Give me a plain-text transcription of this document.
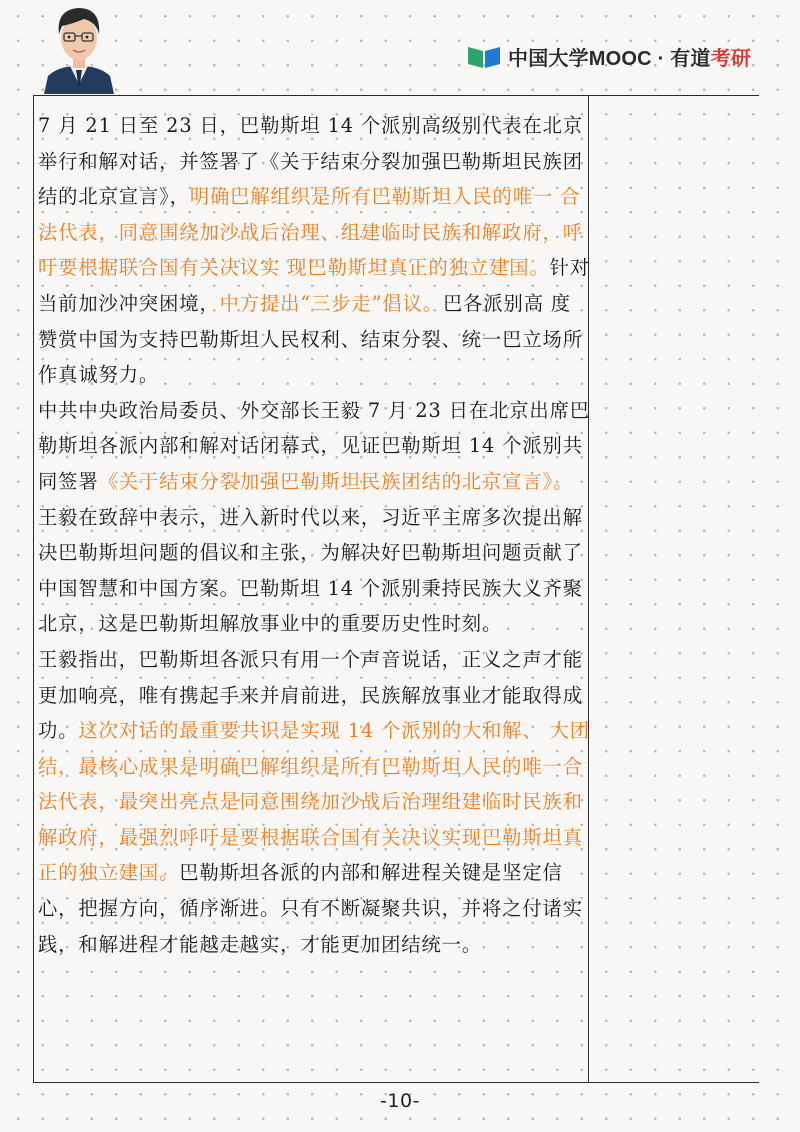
中国大学MOOC · 有道考研

7 月 21 日至 23 日，巴勒斯坦 14 个派别高级别代表在北京举行和解对话，并签署了《关于结束分裂加强巴勒斯坦民族团结的北京宣言》，明确巴解组织是所有巴勒斯坦人民的唯一 合法代表，同意围绕加沙战后治理、组建临时民族和解政府，呼吁要根据联合国有关决议实 现巴勒斯坦真正的独立建国。针对当前加沙冲突困境，中方提出“三步走”倡议。巴各派别高 度赞赏中国为支持巴勒斯坦人民权利、结束分裂、统一巴立场所作真诚努力。

中共中央政治局委员、外交部长王毅 7 月 23 日在北京出席巴勒斯坦各派内部和解对话闭幕式，见证巴勒斯坦 14 个派别共同签署《关于结束分裂加强巴勒斯坦民族团结的北京宣言》。

王毅在致辞中表示，进入新时代以来，习近平主席多次提出解决巴勒斯坦问题的倡议和主张，为解决好巴勒斯坦问题贡献了中国智慧和中国方案。巴勒斯坦 14 个派别秉持民族大义齐聚北京，这是巴勒斯坦解放事业中的重要历史性时刻。

王毅指出，巴勒斯坦各派只有用一个声音说话，正义之声才能更加响亮，唯有携起手来并肩前进，民族解放事业才能取得成功。这次对话的最重要共识是实现 14 个派别的大和解、 大团结，最核心成果是明确巴解组织是所有巴勒斯坦人民的唯一合法代表，最突出亮点是同意围绕加沙战后治理组建临时民族和解政府，最强烈呼吁是要根据联合国有关决议实现巴勒斯坦真正的独立建国。巴勒斯坦各派的内部和解进程关键是坚定信心，把握方向，循序渐进。只有不断凝聚共识，并将之付诸实践，和解进程才能越走越实，才能更加团结统一。

-10-
